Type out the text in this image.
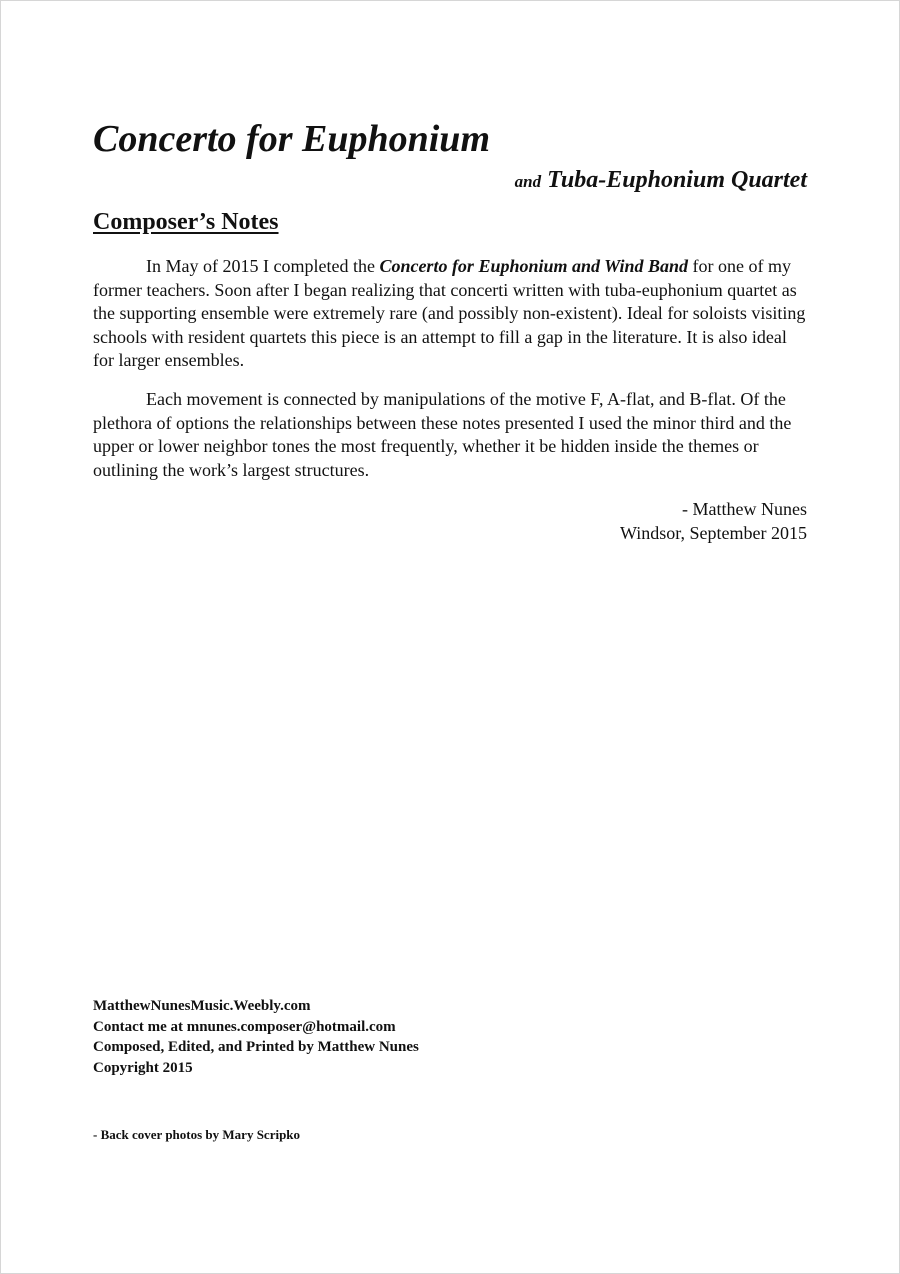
Concerto for Euphonium

and Tuba-Euphonium Quartet

Composer’s Notes

In May of 2015 I completed the Concerto for Euphonium and Wind Band for one of my former teachers. Soon after I began realizing that concerti written with tuba-euphonium quartet as the supporting ensemble were extremely rare (and possibly non-existent). Ideal for soloists visiting schools with resident quartets this piece is an attempt to fill a gap in the literature. It is also ideal for larger ensembles.

Each movement is connected by manipulations of the motive F, A-flat, and B-flat. Of the plethora of options the relationships between these notes presented I used the minor third and the upper or lower neighbor tones the most frequently, whether it be hidden inside the themes or outlining the work’s largest structures.

- Matthew Nunes
Windsor, September 2015
MatthewNunesMusic.Weebly.com
Contact me at mnunes.composer@hotmail.com
Composed, Edited, and Printed by Matthew Nunes
Copyright 2015
- Back cover photos by Mary Scripko
